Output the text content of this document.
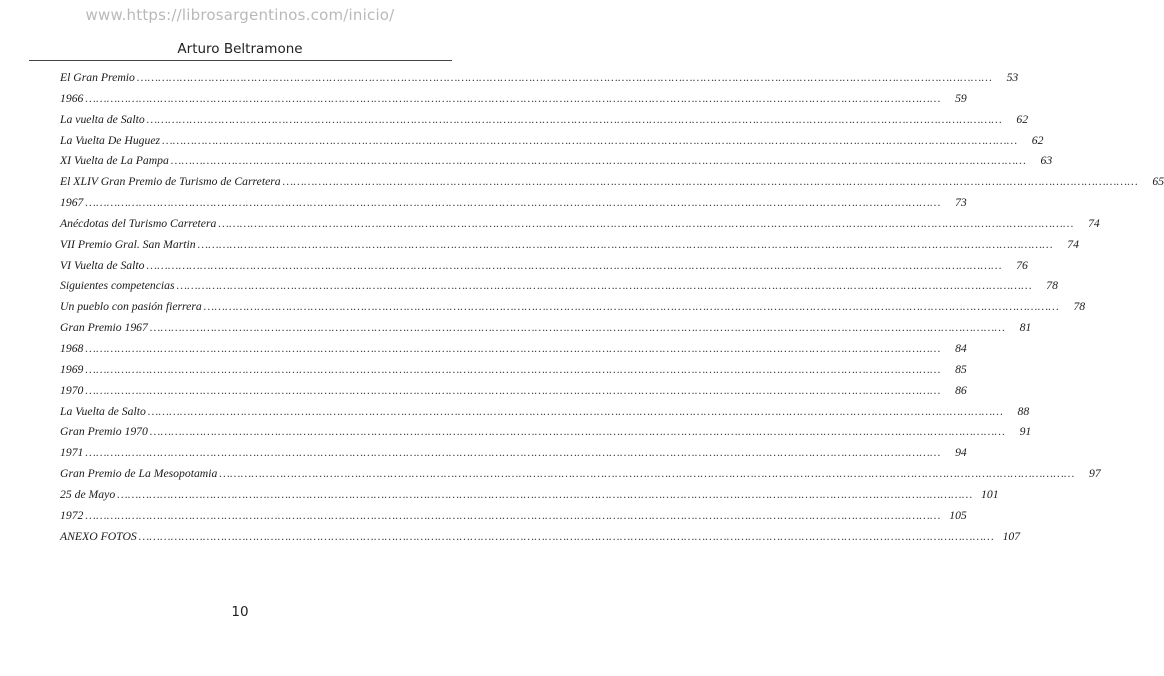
www.https://librosargentinos.com/inicio/
Arturo Beltramone
El Gran Premio ……………………………………………………………………………………………………………………………………………………………………………………………………………………	53
1966 ……………………………………………………………………………………………………………………………………………………………………………………………………………………	59
La vuelta de Salto ……………………………………………………………………………………………………………………………………………………………………………………………………………………	62
La Vuelta De Huguez ……………………………………………………………………………………………………………………………………………………………………………………………………………………	62
XI Vuelta de La Pampa ……………………………………………………………………………………………………………………………………………………………………………………………………………………	63
El XLIV Gran Premio de Turismo de Carretera ……………………………………………………………………………………………………………………………………………………………………………………………………………………	65
1967 ……………………………………………………………………………………………………………………………………………………………………………………………………………………	73
Anécdotas del Turismo Carretera ……………………………………………………………………………………………………………………………………………………………………………………………………………………	74
VII Premio Gral. San Martin ……………………………………………………………………………………………………………………………………………………………………………………………………………………	74
VI Vuelta de Salto ……………………………………………………………………………………………………………………………………………………………………………………………………………………	76
Siguientes competencias ……………………………………………………………………………………………………………………………………………………………………………………………………………………	78
Un pueblo con pasión fierrera ……………………………………………………………………………………………………………………………………………………………………………………………………………………	78
Gran Premio 1967 ……………………………………………………………………………………………………………………………………………………………………………………………………………………	81
1968 ……………………………………………………………………………………………………………………………………………………………………………………………………………………	84
1969 ……………………………………………………………………………………………………………………………………………………………………………………………………………………	85
1970 ……………………………………………………………………………………………………………………………………………………………………………………………………………………	86
La Vuelta de Salto ……………………………………………………………………………………………………………………………………………………………………………………………………………………	88
Gran Premio 1970 ……………………………………………………………………………………………………………………………………………………………………………………………………………………	91
1971 ……………………………………………………………………………………………………………………………………………………………………………………………………………………	94
Gran Premio de La Mesopotamia ……………………………………………………………………………………………………………………………………………………………………………………………………………………	97
25 de Mayo …………………………………………………………………………………………………………………………………………………………………………………………………………………… 101
1972 …………………………………………………………………………………………………………………………………………………………………………………………………………………… 105
ANEXO FOTOS …………………………………………………………………………………………………………………………………………………………………………………………………………………… 107
10
